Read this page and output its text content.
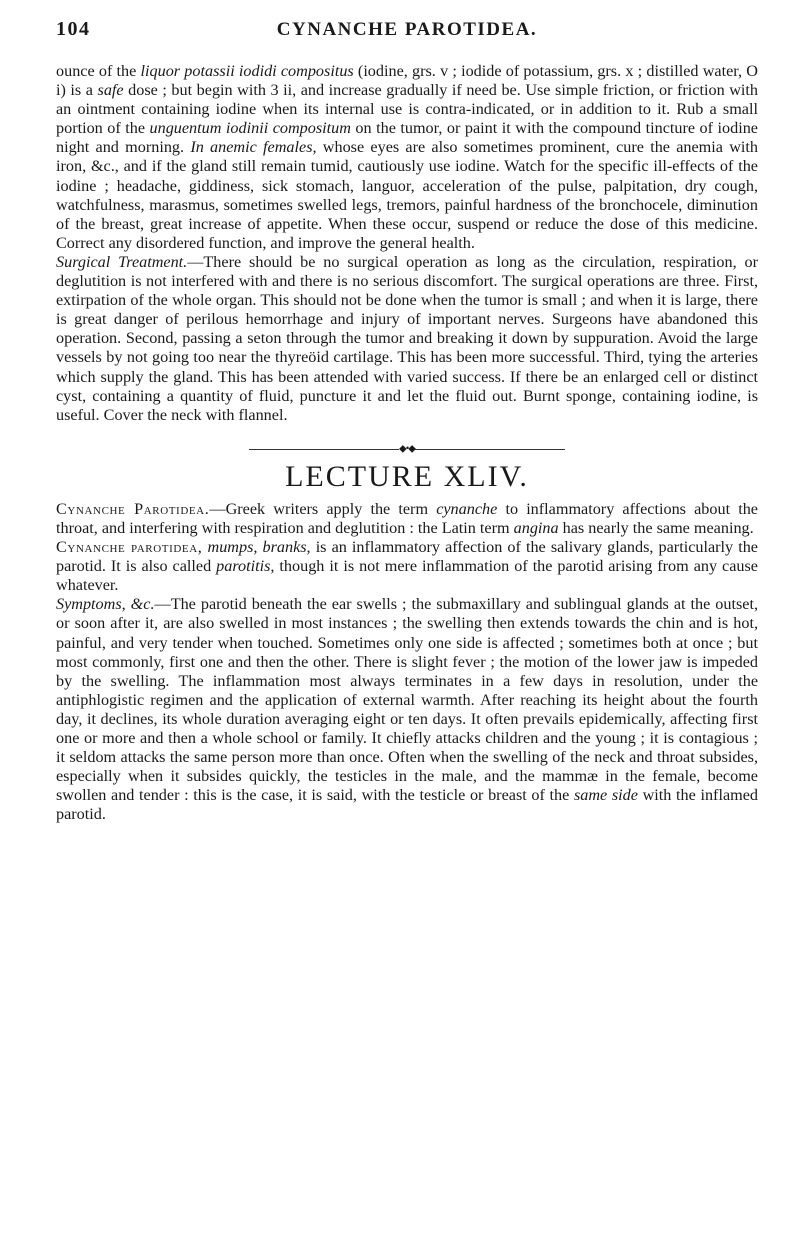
104	CYNANCHE PAROTIDEA.

ounce of the liquor potassii iodidi compositus (iodine, grs. v ; iodide of potassium, grs. x ; distilled water, O i) is a safe dose ; but begin with 3 ii, and increase gradually if need be. Use simple friction, or friction with an ointment containing iodine when its internal use is contra-indicated, or in addition to it. Rub a small portion of the unguentum iodinii compositum on the tumor, or paint it with the compound tincture of iodine night and morning. In anemic females, whose eyes are also sometimes prominent, cure the anemia with iron, &c., and if the gland still remain tumid, cautiously use iodine. Watch for the specific ill-effects of the iodine ; headache, giddiness, sick stomach, languor, acceleration of the pulse, palpitation, dry cough, watchfulness, marasmus, sometimes swelled legs, tremors, painful hardness of the bronchocele, diminution of the breast, great increase of appetite. When these occur, suspend or reduce the dose of this medicine. Correct any disordered function, and improve the general health.

Surgical Treatment.—There should be no surgical operation as long as the circulation, respiration, or deglutition is not interfered with and there is no serious discomfort. The surgical operations are three. First, extirpation of the whole organ. This should not be done when the tumor is small ; and when it is large, there is great danger of perilous hemorrhage and injury of important nerves. Surgeons have abandoned this operation. Second, passing a seton through the tumor and breaking it down by suppuration. Avoid the large vessels by not going too near the thyreöid cartilage. This has been more successful. Third, tying the arteries which supply the gland. This has been attended with varied success. If there be an enlarged cell or distinct cyst, containing a quantity of fluid, puncture it and let the fluid out. Burnt sponge, containing iodine, is useful. Cover the neck with flannel.

◆•◆
LECTURE XLIV.

Cynanche Parotidea.—Greek writers apply the term cynanche to inflammatory affections about the throat, and interfering with respiration and deglutition : the Latin term angina has nearly the same meaning.

Cynanche parotidea, mumps, branks, is an inflammatory affection of the salivary glands, particularly the parotid. It is also called parotitis, though it is not mere inflammation of the parotid arising from any cause whatever.

Symptoms, &c.—The parotid beneath the ear swells ; the submaxillary and sublingual glands at the outset, or soon after it, are also swelled in most instances ; the swelling then extends towards the chin and is hot, painful, and very tender when touched. Sometimes only one side is affected ; sometimes both at once ; but most commonly, first one and then the other. There is slight fever ; the motion of the lower jaw is impeded by the swelling. The inflammation most always terminates in a few days in resolution, under the antiphlogistic regimen and the application of external warmth. After reaching its height about the fourth day, it declines, its whole duration averaging eight or ten days. It often prevails epidemically, affecting first one or more and then a whole school or family. It chiefly attacks children and the young ; it is contagious ; it seldom attacks the same person more than once. Often when the swelling of the neck and throat subsides, especially when it subsides quickly, the testicles in the male, and the mammæ in the female, become swollen and tender : this is the case, it is said, with the testicle or breast of the same side with the inflamed parotid.
